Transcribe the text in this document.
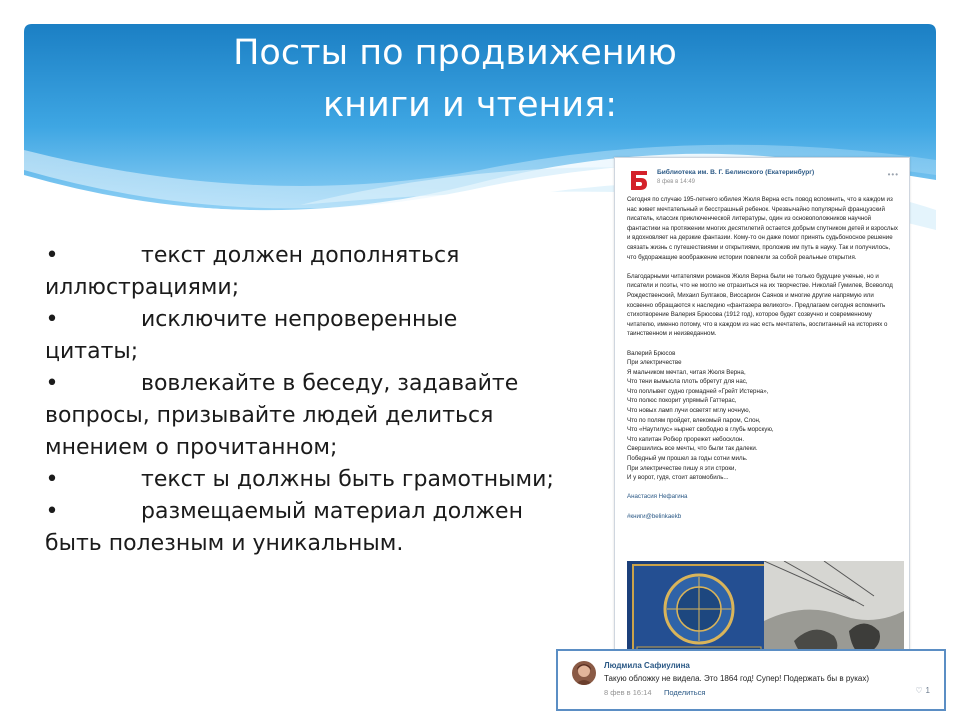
Посты по продвижению
книги и чтения:

•	текст должен дополняться
иллюстрациями;

•	исключите непроверенные
цитаты;

•	вовлекайте в беседу, задавайте
вопросы, призывайте людей делиться
мнением о прочитанном;

•	текст ы должны быть грамотными;

•	размещаемый материал должен
быть полезным и уникальным.

Библиотека им. В. Г. Белинского (Екатеринбург)
8 фев в 14:49
•••

Сегодня по случаю 195-летнего юбилея Жюля Верна есть повод вспомнить, что в каждом из нас живет мечтательный и бесстрашный ребенок. Чрезвычайно популярный французский писатель, классик приключенческой литературы, один из основоположников научной фантастики на протяжении многих десятилетий остается добрым спутником детей и взрослых и вдохновляет на дерзкие фантазии. Кому-то он даже помог принять судьбоносное решение связать жизнь с путешествиями и открытиями, проложив им путь в науку. Так и получилось, что будоражащие воображение истории повлекли за собой реальные открытия.

Благодарными читателями романов Жюля Верна были не только будущие ученые, но и писатели и поэты, что не могло не отразиться на их творчестве. Николай Гумилев, Всеволод Рождественский, Михаил Булгаков, Виссарион Саянов и многие другие напрямую или косвенно обращаются к наследию «фантазера великого». Предлагаем сегодня вспомнить стихотворение Валерия Брюсова (1912 год), которое будет созвучно и современному читателю, именно потому, что в каждом из нас есть мечтатель, воспитанный на историях о таинственном и неизведанном.

Валерий Брюсов
При электричестве
Я мальчиком мечтал, читая Жюля Верна,
Что тени вымысла плоть обретут для нас,
Что поплывет судно громадней «Грейт Истерна»,
Что полюс покорит упрямый Гаттерас,
Что новых ламп лучи осветят мглу ночную,
Что по полям пройдет, влекомый паром, Слон,
Что «Наутилус» нырнет свободно в глубь морскую,
Что капитан Робюр прорежет небосклон.
Свершились все мечты, что были так далеки.
Победный ум прошел за годы сотни миль.
При электричестве пишу я эти строки,
И у ворот, гудя, стоит автомобиль...

Анастасия Нефагина

#книги@belinkaekb

Людмила Сафиулина
Такую обложку не видела. Это 1864 год! Супер! Подержать бы в руках)
8 фев в 16:14 Поделиться	♡ 1
